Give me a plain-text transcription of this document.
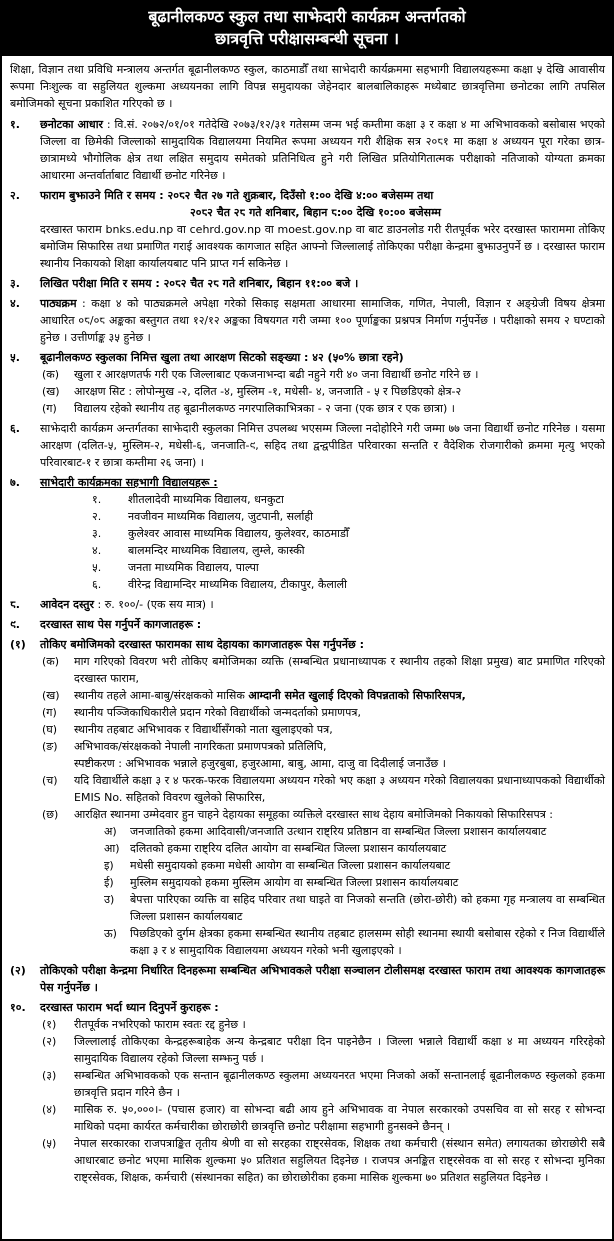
बूढानीलकण्ठ स्कुल तथा साझेदारी कार्यक्रम अन्तर्गतको
छात्रवृत्ति परीक्षासम्बन्धी सूचना ।

शिक्षा, विज्ञान तथा प्रविधि मन्त्रालय अन्तर्गत बूढानीलकण्ठ स्कुल, काठमाडौँ तथा साभेदारी कार्यक्रममा सहभागी विद्यालयहरूमा कक्षा ५ देखि आवासीय रूपमा निःशुल्क वा सहुलियत शुल्कमा अध्ययनका लागि विपन्न समुदायका जेहेनदार बालबालिकाहरू मध्येबाट छात्रवृत्तिमा छनोटका लागि तपसिल बमोजिमको सूचना प्रकाशित गरिएको छ ।

१.	छनोटका आधार : वि.सं. २०७२/०१/०१ गतेदेखि २०७३/१२/३१ गतेसम्म जन्म भई कम्तीमा कक्षा ३ र कक्षा ४ मा अभिभावकको बसोबास भएको जिल्ला वा छिमेकी जिल्लाको सामुदायिक विद्यालयमा नियमित रूपमा अध्ययन गरी शैक्षिक सत्र २०८१ मा कक्षा ४ अध्ययन पूरा गरेका छात्र-छात्रामध्ये भौगोलिक क्षेत्र तथा लक्षित समुदाय समेतको प्रतिनिधित्व हुने गरी लिखित प्रतियोगितात्मक परीक्षाको नतिजाको योग्यता क्रमका आधारमा अन्तर्वार्ताबाट विद्यार्थी छनोट गरिनेछ ।
२.	फाराम बुझाउने मिति र समय : २०८२ चैत २७ गते शुक्रबार, दिउँसो १:०० देखि ४:०० बजेसम्म तथा
२०८२ चैत २८ गते शनिबार, बिहान ८:०० देखि १०:०० बजेसम्म
दरखास्त फाराम bnks.edu.np वा cehrd.gov.np वा moest.gov.np वा बाट डाउनलोड गरी रीतपूर्वक भरेर दरखास्त फाराममा तोकिए बमोजिम सिफारिस तथा प्रमाणित गराई आवश्यक कागजात सहित आफ्नो जिल्लालाई तोकिएका परीक्षा केन्द्रमा बुझाउनुपर्ने छ । दरखास्त फाराम स्थानीय निकायको शिक्षा कार्यालयबाट पनि प्राप्त गर्न सकिनेछ ।
३.	लिखित परीक्षा मिति र समय : २०८२ चैत २८ गते शनिबार, बिहान ११:०० बजे ।
४.	पाठ्यक्रम : कक्षा ४ को पाठ्यक्रमले अपेक्षा गरेको सिकाइ सक्षमता आधारमा सामाजिक, गणित, नेपाली, विज्ञान र अङ्ग्रेजी विषय क्षेत्रमा आधारित ०८/०८ अङ्कका बस्तुगत तथा १२/१२ अङ्कका विषयगत गरी जम्मा १०० पूर्णाङ्कका प्रश्नपत्र निर्माण गर्नुपर्नेछ । परीक्षाको समय २ घण्टाको हुनेछ । उत्तीर्णाङ्क ३५ हुनेछ ।
५.	बूढानीलकण्ठ स्कुलका निमित्त खुला तथा आरक्षण सिटको सङ्ख्या : ४२ (५०% छात्रा रहने)
(क)	खुला र आरक्षणतर्फ गरी एक जिल्लाबाट एकजनाभन्दा बढी नहुने गरी ४० जना विद्यार्थी छनोट गरिने छ ।
(ख)	आरक्षण सिट : लोपोन्मुख -२, दलित -४, मुस्लिम -१, मधेसी- ४, जनजाति - ५ र पिछडिएको क्षेत्र-२
(ग)	विद्यालय रहेको स्थानीय तह बूढानीलकण्ठ नगरपालिकाभित्रका - २ जना (एक छात्र र एक छात्रा) ।
६.	साझेदारी कार्यक्रम अन्तर्गतका साझेदारी स्कुलका निमित्त उपलब्ध भएसम्म जिल्ला नदोहोरिने गरी जम्मा ७७ जना विद्यार्थी छनोट गरिनेछ । यसमा आरक्षण (दलित-५, मुस्लिम-२, मधेसी-६, जनजाति-९, सहिद तथा द्वन्द्वपीडित परिवारका सन्तति र वैदेशिक रोजगारीको क्रममा मृत्यु भएको परिवारबाट-१ र छात्रा कम्तीमा २६ जना) ।
७.	साभेदारी कार्यक्रमका सहभागी विद्यालयहरू :
१.	शीतलादेवी माध्यमिक विद्यालय, धनकुटा
२.	नवजीवन माध्यमिक विद्यालय, जुटपानी, सर्लाही
३.	कुलेश्वर आवास माध्यमिक विद्यालय, कुलेश्वर, काठमाडौँ
४.	बालमन्दिर माध्यमिक विद्यालय, लुम्ले, कास्की
५.	जनता माध्यमिक विद्यालय, पाल्पा
६.	वीरेन्द्र विद्यामन्दिर माध्यमिक विद्यालय, टीकापुर, कैलाली
८.	आवेदन दस्तुर : रु. १००/- (एक सय मात्र) ।
९.	दरखास्त साथ पेस गर्नुपर्ने कागजातहरू :
(१)	तोकिए बमोजिमको दरखास्त फारामका साथ देहायका कागजातहरू पेस गर्नुपर्नेछ :
(क)	माग गरिएको विवरण भरी तोकिए बमोजिमका व्यक्ति (सम्बन्धित प्रधानाध्यापक र स्थानीय तहको शिक्षा प्रमुख) बाट प्रमाणित गरिएको दरखास्त फाराम,
(ख)	स्थानीय तहले आमा-बाबु/संरक्षकको मासिक आम्दानी समेत खुलाई दिएको विपन्नताको सिफारिसपत्र,
(ग)	स्थानीय पञ्जिकाधिकारीले प्रदान गरेको विद्यार्थीको जन्मदर्ताको प्रमाणपत्र,
(घ)	स्थानीय तहबाट अभिभावक र विद्यार्थीसँगको नाता खुलाइएको पत्र,
(ङ)	अभिभावक/संरक्षकको नेपाली नागरिकता प्रमाणपत्रको प्रतिलिपि,
स्पष्टीकरण : अभिभावक भन्नाले हजुरबुबा, हजुरआमा, बाबु, आमा, दाजु वा दिदीलाई जनाउँछ ।
(च)	यदि विद्यार्थीले कक्षा ३ र ४ फरक-फरक विद्यालयमा अध्ययन गरेको भए कक्षा ३ अध्ययन गरेको विद्यालयका प्रधानाध्यापकको विद्यार्थीको EMIS No. सहितको विवरण खुलेको सिफारिस,
(छ)	आरक्षित स्थानमा उम्मेदवार हुन चाहने देहायका समूहका व्यक्तिले दरखास्त साथ देहाय बमोजिमको निकायको सिफारिसपत्र :
अ)	जनजातिको हकमा आदिवासी/जनजाति उत्थान राष्ट्रिय प्रतिष्ठान वा सम्बन्धित जिल्ला प्रशासन कार्यालयबाट
आ) दलितको हकमा राष्ट्रिय दलित आयोग वा सम्बन्धित जिल्ला प्रशासन कार्यालयबाट
इ)	मधेसी समुदायको हकमा मधेसी आयोग वा सम्बन्धित जिल्ला प्रशासन कार्यालयबाट
ई)	मुस्लिम समुदायको हकमा मुस्लिम आयोग वा सम्बन्धित जिल्ला प्रशासन कार्यालयबाट
उ)	बेपत्ता पारिएका व्यक्ति वा सहिद परिवार तथा घाइते वा निजको सन्तति (छोरा-छोरी) को हकमा गृह मन्त्रालय वा सम्बन्धित जिल्ला प्रशासन कार्यालयबाट
ऊ)	पिछडिएको दुर्गम क्षेत्रका हकमा सम्बन्धित स्थानीय तहबाट हालसम्म सोही स्थानमा स्थायी बसोबास रहेको र निज विद्यार्थीले कक्षा ३ र ४ सामुदायिक विद्यालयमा अध्ययन गरेको भनी खुलाइएको ।
(२)	तोकिएको परीक्षा केन्द्रमा निर्धारित दिनहरूमा सम्बन्धित अभिभावकले परीक्षा सञ्चालन टोलीसमक्ष दरखास्त फाराम तथा आवश्यक कागजातहरू पेस गर्नुपर्नेछ ।
१०.	दरखास्त फाराम भर्दा ध्यान दिनुपर्ने कुराहरू :
(१)	रीतपूर्वक नभरिएको फाराम स्वतः रद्द हुनेछ ।
(२)	जिल्लालाई तोकिएका केन्द्रहरूबाहेक अन्य केन्द्रबाट परीक्षा दिन पाइनेछैन । जिल्ला भन्नाले विद्यार्थी कक्षा ४ मा अध्ययन गरिरहेको सामुदायिक विद्यालय रहेको जिल्ला सम्झनु पर्छ ।
(३)	सम्बन्धित अभिभावकको एक सन्तान बूढानीलकण्ठ स्कुलमा अध्ययनरत भएमा निजको अर्को सन्तानलाई बूढानीलकण्ठ स्कुलको हकमा छात्रवृत्ति प्रदान गरिने छैन ।
(४)	मासिक रु. ५०,०००।- (पचास हजार) वा सोभन्दा बढी आय हुने अभिभावक वा नेपाल सरकारको उपसचिव वा सो सरह र सोभन्दा माथिको पदमा कार्यरत कर्मचारीका छोराछोरी छात्रवृत्ति छनोट परीक्षामा सहभागी हुनसक्ने छैनन् ।
(५)	नेपाल सरकारका राजपत्राङ्कित तृतीय श्रेणी वा सो सरहका राष्ट्रसेवक, शिक्षक तथा कर्मचारी (संस्थान समेत) लगायतका छोराछोरी सबै आधारबाट छनोट भएमा मासिक शुल्कमा ५० प्रतिशत सहुलियत दिइनेछ । राजपत्र अनङ्कित राष्ट्रसेवक वा सो सरह र सोभन्दा मुनिका राष्ट्रसेवक, शिक्षक, कर्मचारी (संस्थानका सहित) का छोराछोरीका हकमा मासिक शुल्कमा ७० प्रतिशत सहुलियत दिइनेछ ।
